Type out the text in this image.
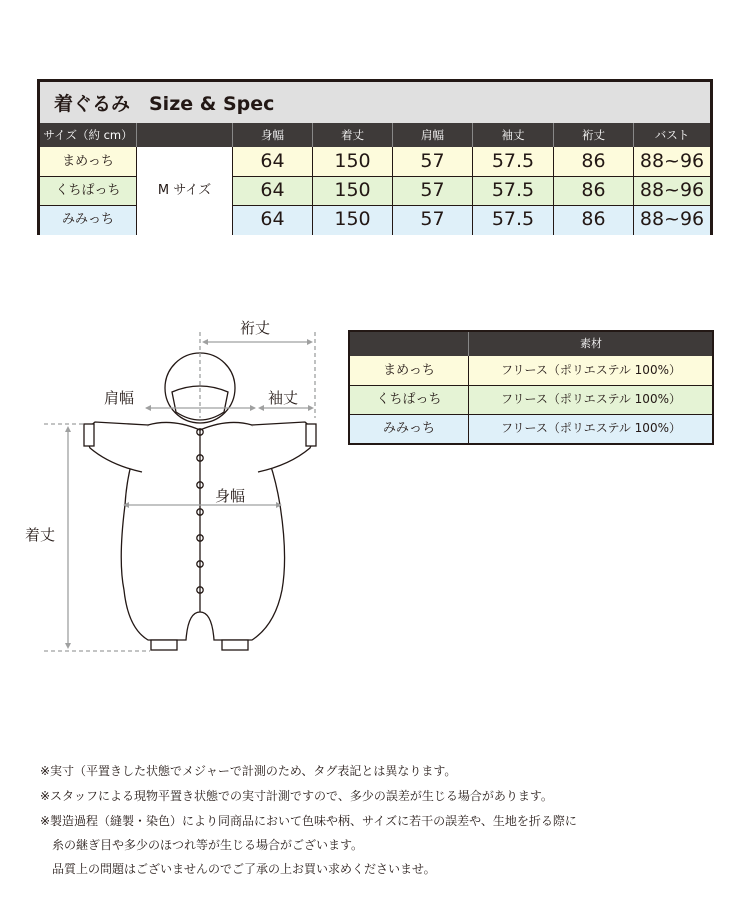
着ぐるみ　Size & Spec
サイズ（約 cm）	身幅	着丈	肩幅	袖丈	裄丈	バスト
まめっち	64	150	57	57.5	86	88~96
くちぱっち	64	150	57	57.5	86	88~96
みみっち	64	150	57	57.5	86	88~96
M サイズ
裄丈
肩幅	袖丈
身幅
着丈
素材
まめっち	フリース（ポリエステル 100%）
くちぱっち	フリース（ポリエステル 100%）
みみっち	フリース（ポリエステル 100%）
※実寸（平置きした状態でメジャーで計測のため、タグ表記とは異なります。
※スタッフによる現物平置き状態での実寸計測ですので、多少の誤差が生じる場合があります。
※製造過程（縫製・染色）により同商品において色味や柄、サイズに若干の誤差や、生地を折る際に
　糸の継ぎ目や多少のほつれ等が生じる場合がございます。
　品質上の問題はございませんのでご了承の上お買い求めくださいませ。
